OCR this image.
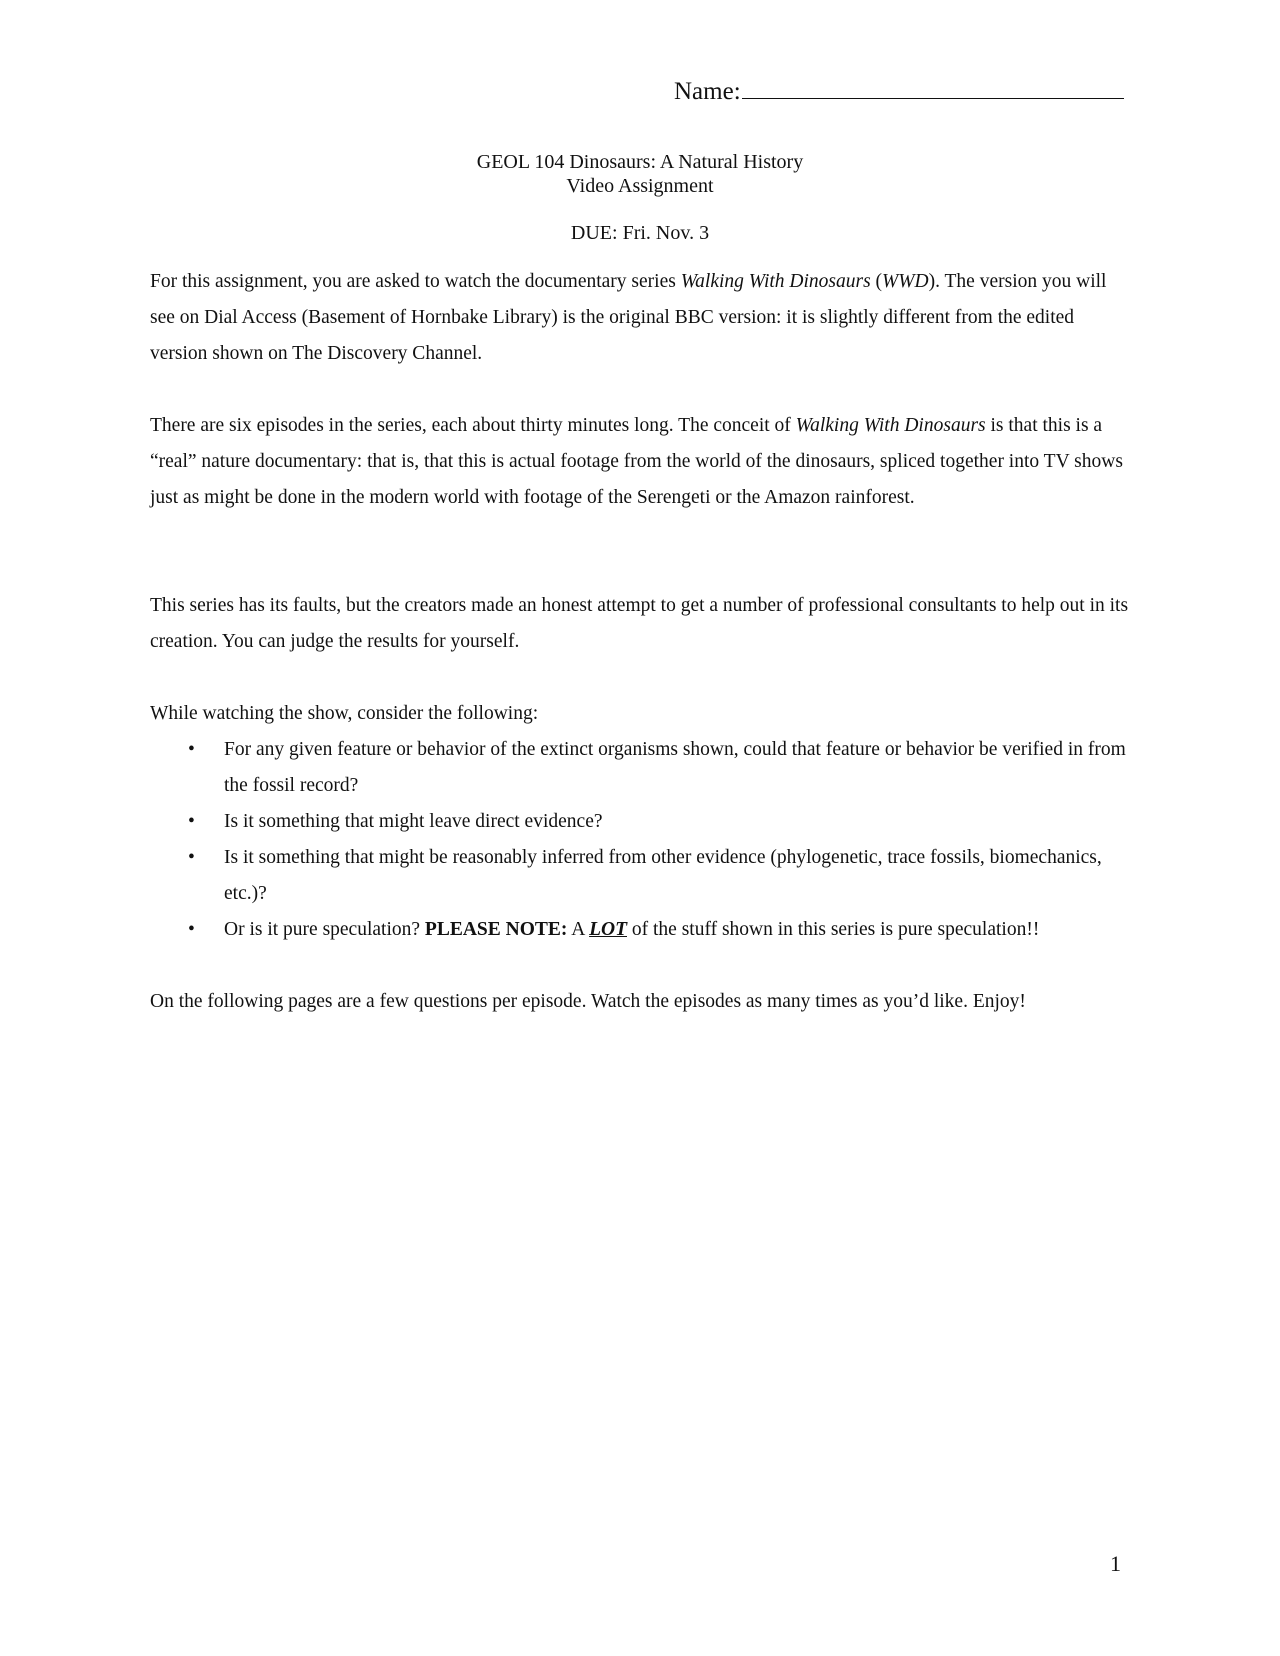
Name:
GEOL 104 Dinosaurs: A Natural History
Video Assignment
DUE: Fri. Nov. 3

For this assignment, you are asked to watch the documentary series Walking With Dinosaurs (WWD). The version you will see on Dial Access (Basement of Hornbake Library) is the original BBC version: it is slightly different from the edited version shown on The Discovery Channel.

There are six episodes in the series, each about thirty minutes long. The conceit of Walking With Dinosaurs is that this is a “real” nature documentary: that is, that this is actual footage from the world of the dinosaurs, spliced together into TV shows just as might be done in the modern world with footage of the Serengeti or the Amazon rainforest.

This series has its faults, but the creators made an honest attempt to get a number of professional consultants to help out in its creation. You can judge the results for yourself.

While watching the show, consider the following:

• For any given feature or behavior of the extinct organisms shown, could that feature or behavior be verified in from the fossil record?
• Is it something that might leave direct evidence?
• Is it something that might be reasonably inferred from other evidence (phylogenetic, trace fossils, biomechanics, etc.)?
• Or is it pure speculation? PLEASE NOTE: A LOT of the stuff shown in this series is pure speculation!!

On the following pages are a few questions per episode. Watch the episodes as many times as you’d like. Enjoy!

1
